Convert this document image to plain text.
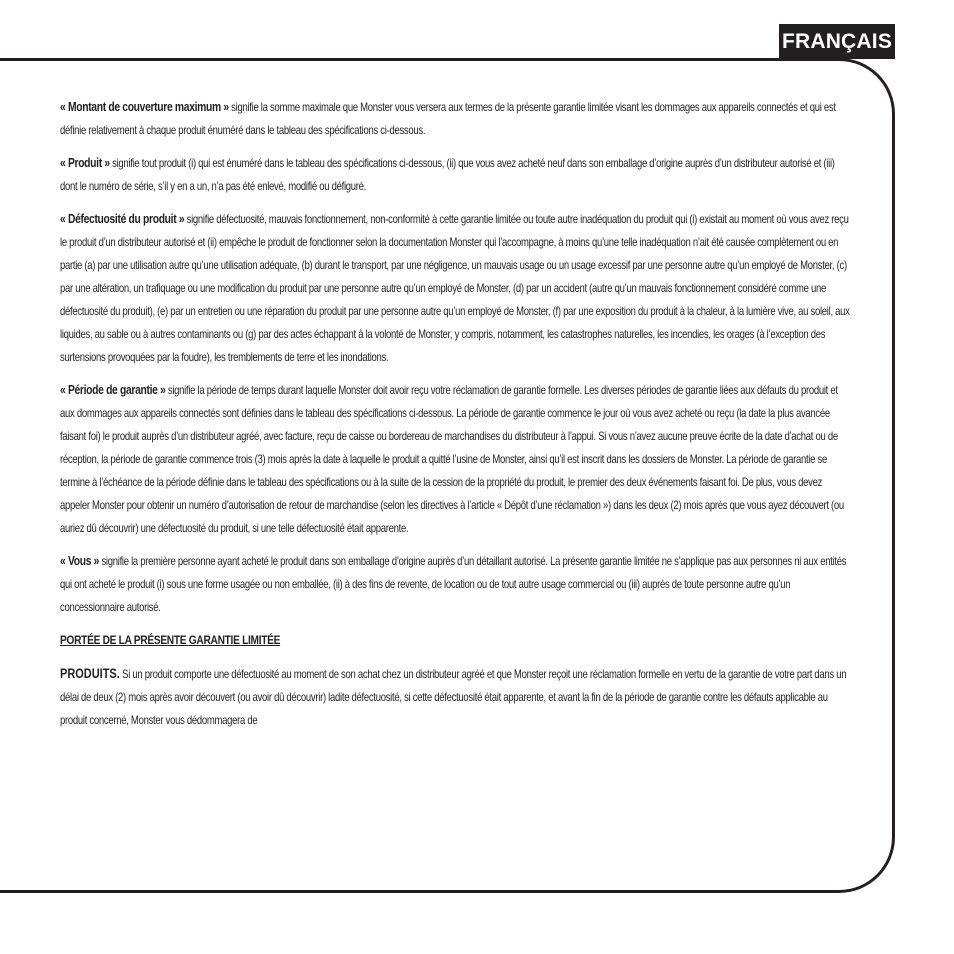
FRANÇAIS

« Montant de couverture maximum » signifie la somme maximale que Monster vous versera aux termes de la présente garantie limitée visant les dommages aux appareils connectés et qui est définie relativement à chaque produit énuméré dans le tableau des spécifications ci-dessous.

« Produit » signifie tout produit (i) qui est énuméré dans le tableau des spécifications ci-dessous, (ii) que vous avez acheté neuf dans son emballage d’origine auprès d’un distributeur autorisé et (iii) dont le numéro de série, s’il y en a un, n’a pas été enlevé, modifié ou défiguré.

« Défectuosité du produit » signifie défectuosité, mauvais fonctionnement, non-conformité à cette garantie limitée ou toute autre inadéquation du produit qui (i) existait au moment où vous avez reçu le produit d’un distributeur autorisé et (ii) empêche le produit de fonctionner selon la documentation Monster qui l’accompagne, à moins qu’une telle inadéquation n’ait été causée complètement ou en partie (a) par une utilisation autre qu’une utilisation adéquate, (b) durant le transport, par une négligence, un mauvais usage ou un usage excessif par une personne autre qu’un employé de Monster, (c) par une altération, un trafiquage ou une modification du produit par une personne autre qu’un employé de Monster, (d) par un accident (autre qu’un mauvais fonctionnement considéré comme une défectuosité du produit), (e) par un entretien ou une réparation du produit par une personne autre qu’un employé de Monster, (f) par une exposition du produit à la chaleur, à la lumière vive, au soleil, aux liquides, au sable ou à autres contaminants ou (g) par des actes échappant à la volonté de Monster, y compris, notamment, les catastrophes naturelles, les incendies, les orages (à l’exception des surtensions provoquées par la foudre), les tremblements de terre et les inondations.

« Période de garantie » signifie la période de temps durant laquelle Monster doit avoir reçu votre réclamation de garantie formelle. Les diverses périodes de garantie liées aux défauts du produit et aux dommages aux appareils connectés sont définies dans le tableau des spécifications ci-dessous. La période de garantie commence le jour où vous avez acheté ou reçu (la date la plus avancée faisant foi) le produit auprès d’un distributeur agréé, avec facture, reçu de caisse ou bordereau de marchandises du distributeur à l’appui. Si vous n’avez aucune preuve écrite de la date d’achat ou de réception, la période de garantie commence trois (3) mois après la date à laquelle le produit a quitté l’usine de Monster, ainsi qu’il est inscrit dans les dossiers de Monster. La période de garantie se termine à l’échéance de la période définie dans le tableau des spécifications ou à la suite de la cession de la propriété du produit, le premier des deux événements faisant foi. De plus, vous devez appeler Monster pour obtenir un numéro d’autorisation de retour de marchandise (selon les directives à l’article « Dépôt d’une réclamation ») dans les deux (2) mois après que vous ayez découvert (ou auriez dû découvrir) une défectuosité du produit, si une telle défectuosité était apparente.

« Vous » signifie la première personne ayant acheté le produit dans son emballage d’origine auprès d’un détaillant autorisé. La présente garantie limitée ne s’applique pas aux personnes ni aux entités qui ont acheté le produit (i) sous une forme usagée ou non emballée, (ii) à des fins de revente, de location ou de tout autre usage commercial ou (iii) auprès de toute personne autre qu’un concessionnaire autorisé.

PORTÉE DE LA PRÉSENTE GARANTIE LIMITÉE

PRODUITS. Si un produit comporte une défectuosité au moment de son achat chez un distributeur agréé et que Monster reçoit une réclamation formelle en vertu de la garantie de votre part dans un délai de deux (2) mois après avoir découvert (ou avoir dû découvrir) ladite défectuosité, si cette défectuosité était apparente, et avant la fin de la période de garantie contre les défauts applicable au produit concerné, Monster vous dédommagera de
